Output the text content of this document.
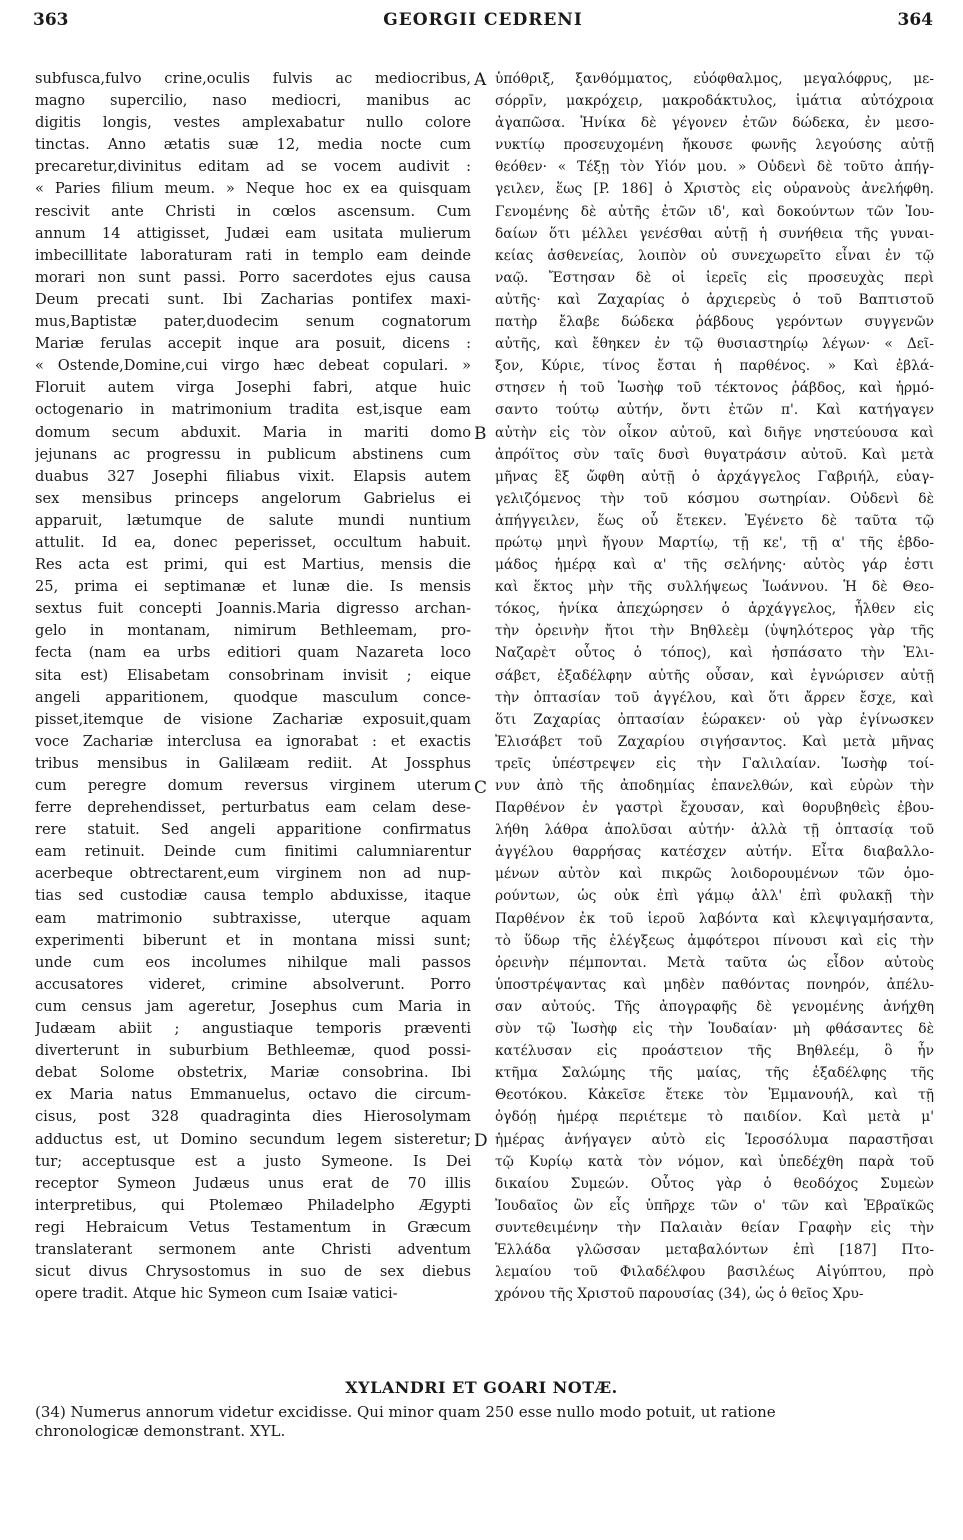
363	GEORGII CEDRENI	364
subfusca,fulvo crine,oculis fulvis ac mediocribus,
magno supercilio, naso mediocri, manibus ac
digitis longis, vestes amplexabatur nullo colore
tinctas. Anno ætatis suæ 12, media nocte cum
precaretur,divinitus editam ad se vocem audivit :
« Paries filium meum. » Neque hoc ex ea quisquam
rescivit ante Christi in cœlos ascensum. Cum
annum 14 attigisset, Judæi eam usitata mulierum
imbecillitate laboraturam rati in templo eam deinde
morari non sunt passi. Porro sacerdotes ejus causa
Deum precati sunt. Ibi Zacharias pontifex maxi-
mus,Baptistæ pater,duodecim senum cognatorum
Mariæ ferulas accepit inque ara posuit, dicens :
« Ostende,Domine,cui virgo hæc debeat copulari. »
Floruit autem virga Josephi fabri, atque huic
octogenario in matrimonium tradita est,isque eam
domum secum abduxit. Maria in mariti domo
jejunans ac progressu in publicum abstinens cum
duabus 327 Josephi filiabus vixit. Elapsis autem
sex mensibus princeps angelorum Gabrielus ei
apparuit, lætumque de salute mundi nuntium
attulit. Id ea, donec peperisset, occultum habuit.
Res acta est primi, qui est Martius, mensis die
25, prima ei septimanæ et lunæ die. Is mensis
sextus fuit concepti Joannis.Maria digresso archan-
gelo in montanam, nimirum Bethleemam, pro-
fecta (nam ea urbs editiori quam Nazareta loco
sita est) Elisabetam consobrinam invisit ; eique
angeli apparitionem, quodque masculum conce-
pisset,itemque de visione Zachariæ exposuit,quam
voce Zachariæ interclusa ea ignorabat : et exactis
tribus mensibus in Galilæam rediit. At Jossphus
cum peregre domum reversus virginem uterum
ferre deprehendisset, perturbatus eam celam dese-
rere statuit. Sed angeli apparitione confirmatus
eam retinuit. Deinde cum finitimi calumniarentur
acerbeque obtrectarent,eum virginem non ad nup-
tias sed custodiæ causa templo abduxisse, itaque
eam matrimonio subtraxisse, uterque aquam
experimenti biberunt et in montana missi sunt;
unde cum eos incolumes nihilque mali passos
accusatores videret, crimine absolverunt. Porro
cum census jam ageretur, Josephus cum Maria in
Judæam abiit ; angustiaque temporis præventi
diverterunt in suburbium Bethleemæ, quod possi-
debat Solome obstetrix, Mariæ consobrina. Ibi
ex Maria natus Emmanuelus, octavo die circum-
cisus, post 328 quadraginta dies Hierosolymam
adductus est, ut Domino secundum legem sisteretur;
tur; acceptusque est a justo Symeone. Is Dei
receptor Symeon Judæus unus erat de 70 illis
interpretibus, qui Ptolemæo Philadelpho Ægypti
regi Hebraicum Vetus Testamentum in Græcum
translaterant sermonem ante Christi adventum
sicut divus Chrysostomus in suo de sex diebus
opere tradit. Atque hic Symeon cum Isaiæ vatici-
ὑπόθριξ, ξανθόμματος, εὐόφθαλμος, μεγαλόφρυς, με-
σόρρῑν, μακρόχειρ, μακροδάκτυλος, ἱμάτια αὐτόχροια
ἀγαπῶσα. Ἡνίκα δὲ γέγονεν ἐτῶν δώδεκα, ἐν μεσο-
νυκτίῳ προσευχομένη ἤκουσε φωνῆς λεγούσης αὐτῇ
θεόθεν· « Τέξῃ τὸν Υἱόν μου. » Οὐδενὶ δὲ τοῦτο ἀπήγ-
γειλεν, ἕως [P. 186] ὁ Χριστὸς εἰς οὐρανοὺς ἀνελήφθη.
Γενομένης δὲ αὐτῆς ἐτῶν ιδ', καὶ δοκούντων τῶν Ἰου-
δαίων ὅτι μέλλει γενέσθαι αὐτῇ ἡ συνήθεια τῆς γυναι-
κείας ἀσθενείας, λοιπὸν οὐ συνεχωρεῖτο εἶναι ἐν τῷ
ναῷ. Ἔστησαν δὲ οἱ ἱερεῖς εἰς προσευχὰς περὶ
αὐτῆς· καὶ Ζαχαρίας ὁ ἀρχιερεὺς ὁ τοῦ Βαπτιστοῦ
πατὴρ ἔλαβε δώδεκα ῥάβδους γερόντων συγγενῶν
αὐτῆς, καὶ ἔθηκεν ἐν τῷ θυσιαστηρίῳ λέγων· « Δεῖ-
ξον, Κύριε, τίνος ἔσται ἡ παρθένος. » Καὶ ἐβλά-
στησεν ἡ τοῦ Ἰωσὴφ τοῦ τέκτονος ῥάβδος, καὶ ἡρμό-
σαντο τούτῳ αὐτήν, ὄντι ἐτῶν π'. Καὶ κατήγαγεν
αὐτὴν εἰς τὸν οἶκον αὐτοῦ, καὶ διῆγε νηστεύουσα καὶ
ἀπρόϊτος σὺν ταῖς δυσὶ θυγατράσιν αὐτοῦ. Καὶ μετὰ
μῆνας ἓξ ὤφθη αὐτῇ ὁ ἀρχάγγελος Γαβριήλ, εὐαγ-
γελιζόμενος τὴν τοῦ κόσμου σωτηρίαν. Οὐδενὶ δὲ
ἀπήγγειλεν, ἕως οὗ ἔτεκεν. Ἐγένετο δὲ ταῦτα τῷ
πρώτῳ μηνὶ ἤγουν Μαρτίῳ, τῇ κε', τῇ α' τῆς ἑβδο-
μάδος ἡμέρᾳ καὶ α' τῆς σελήνης· αὐτὸς γάρ ἐστι
καὶ ἕκτος μὴν τῆς συλλήψεως Ἰωάννου. Ἡ δὲ Θεο-
τόκος, ἡνίκα ἀπεχώρησεν ὁ ἀρχάγγελος, ἦλθεν εἰς
τὴν ὀρεινὴν ἤτοι τὴν Βηθλεὲμ (ὑψηλότερος γὰρ τῆς
Ναζαρὲτ οὗτος ὁ τόπος), καὶ ἠσπάσατο τὴν Ἐλι-
σάβετ, ἐξαδέλφην αὐτῆς οὖσαν, καὶ ἐγνώρισεν αὐτῇ
τὴν ὀπτασίαν τοῦ ἀγγέλου, καὶ ὅτι ἄρρεν ἔσχε, καὶ
ὅτι Ζαχαρίας ὀπτασίαν ἑώρακεν· οὐ γὰρ ἐγίνωσκεν
Ἐλισάβετ τοῦ Ζαχαρίου σιγήσαντος. Καὶ μετὰ μῆνας
τρεῖς ὑπέστρεψεν εἰς τὴν Γαλιλαίαν. Ἰωσὴφ τοί-
νυν ἀπὸ τῆς ἀποδημίας ἐπανελθών, καὶ εὑρὼν τὴν
Παρθένον ἐν γαστρὶ ἔχουσαν, καὶ θορυβηθεὶς ἐβου-
λήθη λάθρα ἀπολῦσαι αὐτήν· ἀλλὰ τῇ ὀπτασίᾳ τοῦ
ἀγγέλου θαρρήσας κατέσχεν αὐτήν. Εἶτα διαβαλλο-
μένων αὐτὸν καὶ πικρῶς λοιδορουμένων τῶν ὁμο-
ρούντων, ὡς οὐκ ἐπὶ γάμῳ ἀλλ' ἐπὶ φυλακῇ τὴν
Παρθένον ἐκ τοῦ ἱεροῦ λαβόντα καὶ κλεψιγαμήσαντα,
τὸ ὕδωρ τῆς ἐλέγξεως ἀμφότεροι πίνουσι καὶ εἰς τὴν
ὀρεινὴν πέμπονται. Μετὰ ταῦτα ὡς εἶδον αὐτοὺς
ὑποστρέψαντας καὶ μηδὲν παθόντας πονηρόν, ἀπέλυ-
σαν αὐτούς. Τῆς ἀπογραφῆς δὲ γενομένης ἀνήχθη
σὺν τῷ Ἰωσὴφ εἰς τὴν Ἰουδαίαν· μὴ φθάσαντες δὲ
κατέλυσαν εἰς προάστειον τῆς Βηθλεέμ, ὃ ἦν
κτῆμα Σαλώμης τῆς μαίας, τῆς ἐξαδέλφης τῆς
Θεοτόκου. Κἀκεῖσε ἔτεκε τὸν Ἐμμανουήλ, καὶ τῇ
ὀγδόῃ ἡμέρᾳ περιέτεμε τὸ παιδίον. Καὶ μετὰ μ'
ἡμέρας ἀνήγαγεν αὐτὸ εἰς Ἱεροσόλυμα παραστῆσαι
τῷ Κυρίῳ κατὰ τὸν νόμον, καὶ ὑπεδέχθη παρὰ τοῦ
δικαίου Συμεών. Οὗτος γὰρ ὁ θεοδόχος Συμεὼν
Ἰουδαῖος ὢν εἷς ὑπῆρχε τῶν ο' τῶν καὶ Ἑβραϊκῶς
συντεθειμένην τὴν Παλαιὰν θείαν Γραφὴν εἰς τὴν
Ἑλλάδα γλῶσσαν μεταβαλόντων ἐπὶ [187] Πτο-
λεμαίου τοῦ Φιλαδέλφου βασιλέως Αἰγύπτου, πρὸ
χρόνου τῆς Χριστοῦ παρουσίας (34), ὡς ὁ θεῖος Χρυ-
A
B
C
D
XYLANDRI ET GOARI NOTÆ.
(34) Numerus annorum videtur excidisse. Qui minor quam 250 esse nullo modo potuit, ut ratione
chronologicæ demonstrant. XYL.
